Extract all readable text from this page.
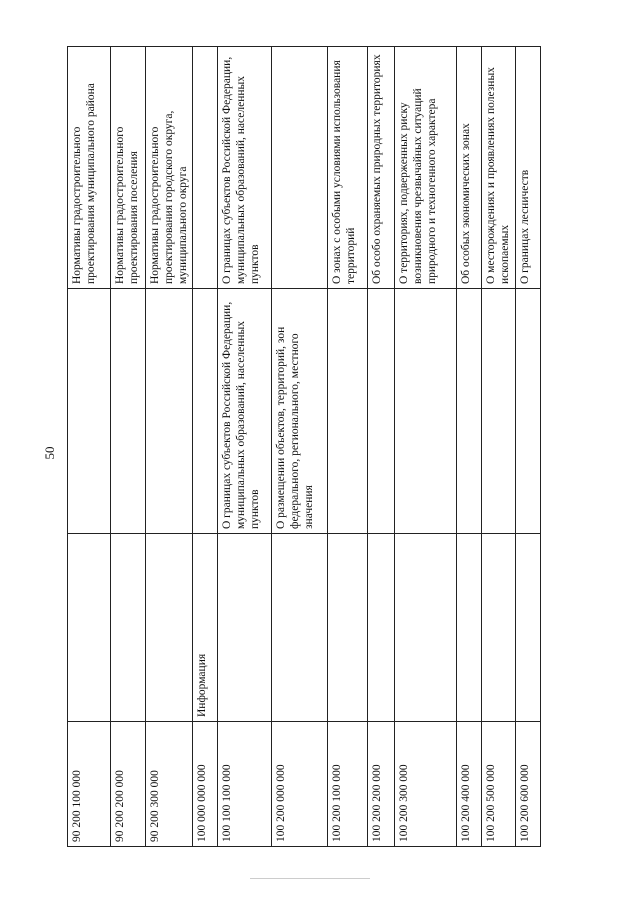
50
90 200 100 000			Нормативы градостроительного проектирования муниципального района
90 200 200 000			Нормативы градостроительного проектирования поселения
90 200 300 000			Нормативы градостроительного проектирования городского округа, муниципального округа
100 000 000 000	Информация		
100 100 100 000		О границах субъектов Российской Федерации, муниципальных образований, населенных пунктов	О границах субъектов Российской Федерации, муниципальных образований, населенных пунктов
100 200 000 000		О размещении объектов, территорий, зон федерального, регионального, местного значения	
100 200 100 000			О зонах с особыми условиями использования территорий
100 200 200 000			Об особо охраняемых природных территориях
100 200 300 000			О территориях, подверженных риску возникновения чрезвычайных ситуаций природного и техногенного характера
100 200 400 000			Об особых экономических зонах
100 200 500 000			О месторождениях и проявлениях полезных ископаемых
100 200 600 000			О границах лесничеств
